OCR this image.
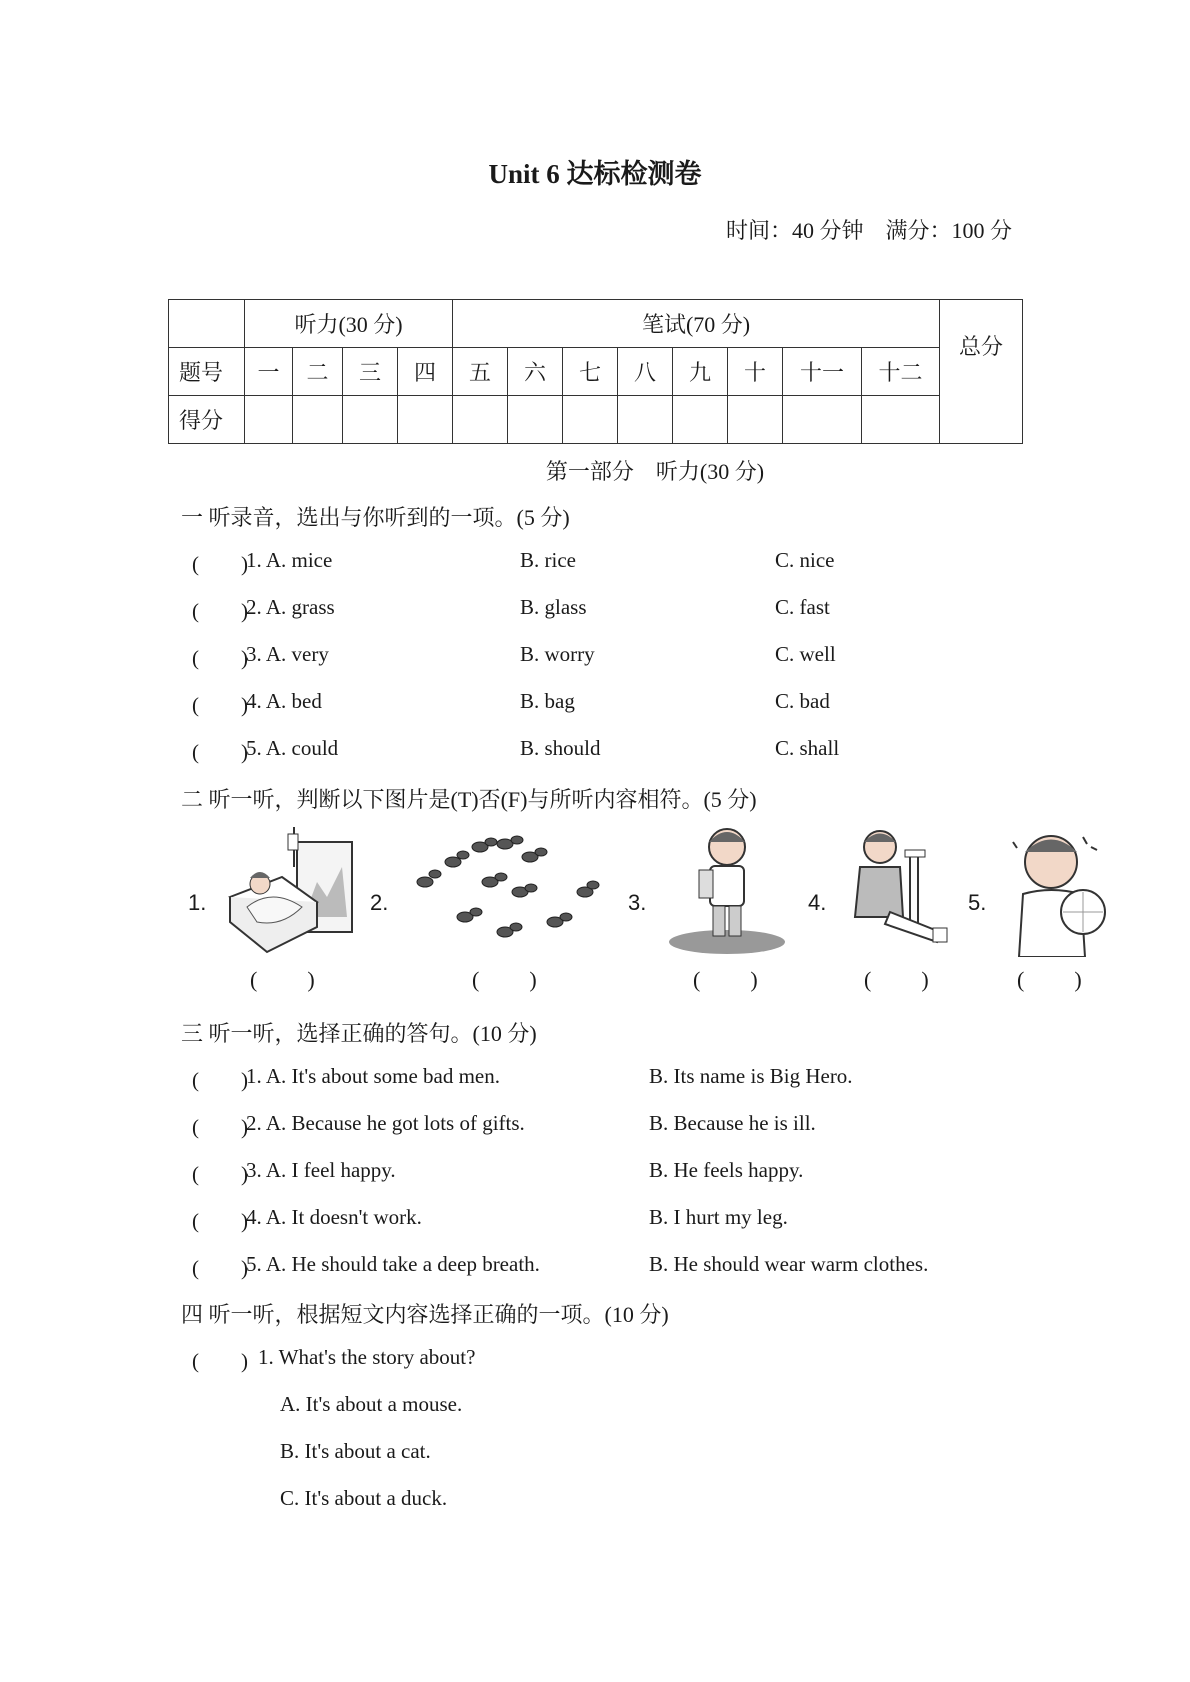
Unit 6 达标检测卷
时间：40 分钟　满分：100 分
	听力(30 分)				笔试(70 分)								总分
题号	一	二	三	四	五	六	七	八	九	十	十一	十二	
得分													
第一部分　听力(30 分)
一 听录音，选出与你听到的一项。(5 分)
(　　)
1. A. mice	B. rice	C. nice
(　　)
2. A. grass	B. glass	C. fast
(　　)
3. A. very	B. worry	C. well
(　　)
4. A. bed	B. bag	C. bad
(　　)
5. A. could	B. should	C. shall
二 听一听，判断以下图片是(T)否(F)与所听内容相符。(5 分)
1.	2.	3.	4.	5.
(　　)	(　　)	(　　)	(　　)	(　　)
三 听一听，选择正确的答句。(10 分)
(　　)
1. A. It's about some bad men.	B. Its name is Big Hero.
(　　)
2. A. Because he got lots of gifts.	B. Because he is ill.
(　　)
3. A. I feel happy.	B. He feels happy.
(　　)
4. A. It doesn't work.	B. I hurt my leg.
(　　)
5. A. He should take a deep breath.	B. He should wear warm clothes.
四 听一听，根据短文内容选择正确的一项。(10 分)
(　　) 1. What's the story about?
A. It's about a mouse.
B. It's about a cat.
C. It's about a duck.
